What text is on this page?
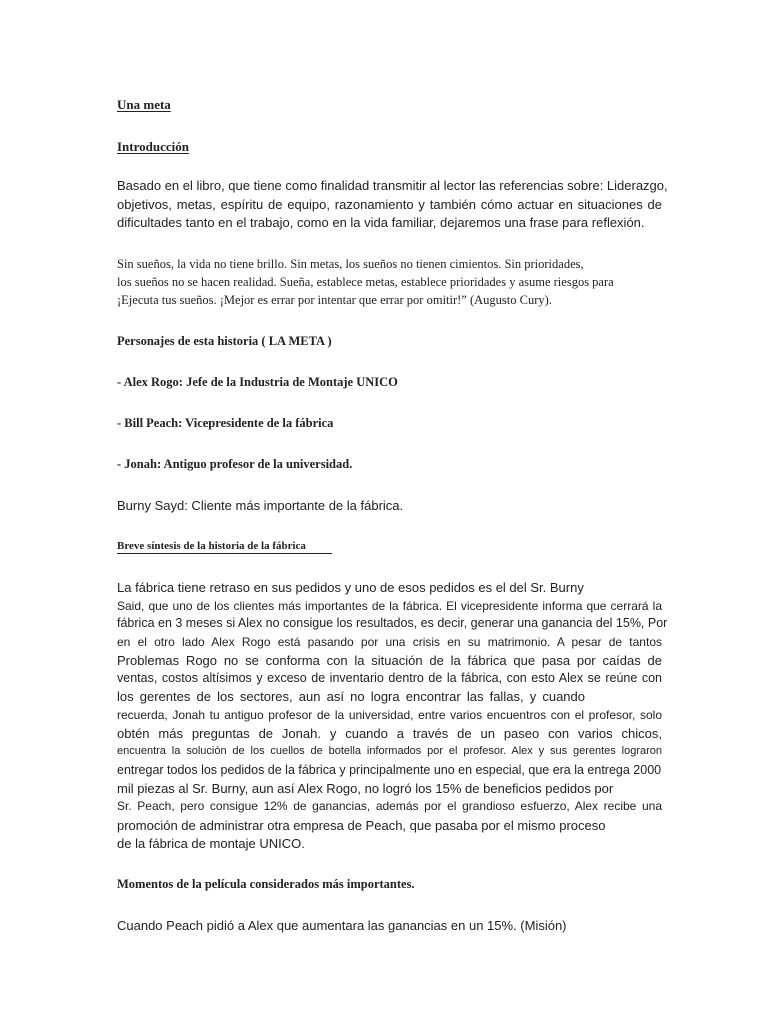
Una meta

Introducción

Basado en el libro, que tiene como finalidad transmitir al lector las referencias sobre: Liderazgo,

objetivos, metas, espíritu de equipo, razonamiento y también cómo actuar en situaciones de

dificultades tanto en el trabajo, como en la vida familiar, dejaremos una frase para reflexión.

Sin sueños, la vida no tiene brillo. Sin metas, los sueños no tienen cimientos. Sin prioridades,

los sueños no se hacen realidad. Sueña, establece metas, establece prioridades y asume riesgos para

¡Ejecuta tus sueños. ¡Mejor es errar por intentar que errar por omitir!” (Augusto Cury).

Personajes de esta historia ( LA META )

- Alex Rogo: Jefe de la Industria de Montaje UNICO

- Bill Peach: Vicepresidente de la fábrica

- Jonah: Antiguo profesor de la universidad.

Burny Sayd: Cliente más importante de la fábrica.

Breve síntesis de la historia de la fábrica

La fábrica tiene retraso en sus pedidos y uno de esos pedidos es el del Sr. Burny

Said, que uno de los clientes más importantes de la fábrica. El vicepresidente informa que cerrará la

fábrica en 3 meses si Alex no consigue los resultados, es decir, generar una ganancia del 15%, Por

en el otro lado Alex Rogo está pasando por una crisis en su matrimonio. A pesar de tantos

Problemas Rogo no se conforma con la situación de la fábrica que pasa por caídas de

ventas, costos altísimos y exceso de inventario dentro de la fábrica, con esto Alex se reúne con

los gerentes de los sectores, aun así no logra encontrar las fallas, y cuando

recuerda, Jonah tu antiguo profesor de la universidad, entre varios encuentros con el profesor, solo

obtén más preguntas de Jonah. y cuando a través de un paseo con varios chicos,

encuentra la solución de los cuellos de botella informados por el profesor. Alex y sus gerentes lograron

entregar todos los pedidos de la fábrica y principalmente uno en especial, que era la entrega 2000

mil piezas al Sr. Burny, aun así Alex Rogo, no logró los 15% de beneficios pedidos por

Sr. Peach, pero consigue 12% de ganancias, además por el grandioso esfuerzo, Alex recibe una

promoción de administrar otra empresa de Peach, que pasaba por el mismo proceso

de la fábrica de montaje UNICO.

Momentos de la película considerados más importantes.

Cuando Peach pidió a Alex que aumentara las ganancias en un 15%. (Misión)
